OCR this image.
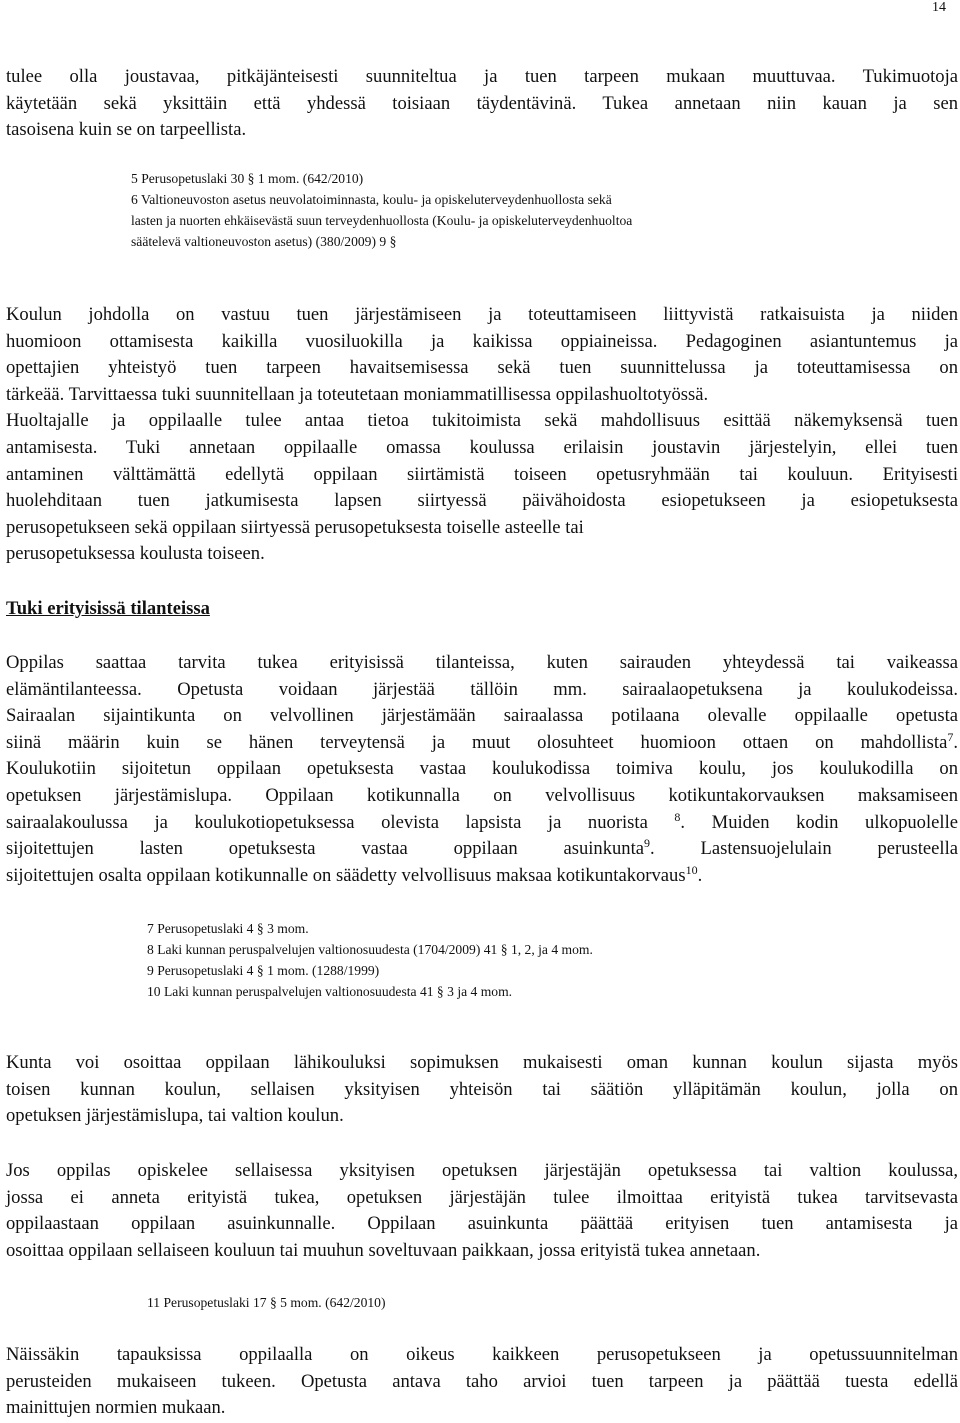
14
tulee olla joustavaa, pitkäjänteisesti suunniteltua ja tuen tarpeen mukaan muuttuvaa. Tukimuotoja
käytetään sekä yksittäin että yhdessä toisiaan täydentävinä. Tukea annetaan niin kauan ja sen
tasoisena kuin se on tarpeellista.
5 Perusopetuslaki 30 § 1 mom. (642/2010)
6 Valtioneuvoston asetus neuvolatoiminnasta, koulu- ja opiskeluterveydenhuollosta sekä
lasten ja nuorten ehkäisevästä suun terveydenhuollosta (Koulu- ja opiskeluterveydenhuoltoa
säätelevä valtioneuvoston asetus) (380/2009) 9 §
Koulun johdolla on vastuu tuen järjestämiseen ja toteuttamiseen liittyvistä ratkaisuista ja niiden
huomioon ottamisesta kaikilla vuosiluokilla ja kaikissa oppiaineissa. Pedagoginen asiantuntemus ja
opettajien yhteistyö tuen tarpeen havaitsemisessa sekä tuen suunnittelussa ja toteuttamisessa on
tärkeää. Tarvittaessa tuki suunnitellaan ja toteutetaan moniammatillisessa oppilashuoltotyössä.
Huoltajalle ja oppilaalle tulee antaa tietoa tukitoimista sekä mahdollisuus esittää näkemyksensä tuen
antamisesta. Tuki annetaan oppilaalle omassa koulussa erilaisin joustavin järjestelyin, ellei tuen
antaminen välttämättä edellytä oppilaan siirtämistä toiseen opetusryhmään tai kouluun. Erityisesti
huolehditaan tuen jatkumisesta lapsen siirtyessä päivähoidosta esiopetukseen ja esiopetuksesta
perusopetukseen sekä oppilaan siirtyessä perusopetuksesta toiselle asteelle tai
perusopetuksessa koulusta toiseen.
Tuki erityisissä tilanteissa
Oppilas saattaa tarvita tukea erityisissä tilanteissa, kuten sairauden yhteydessä tai vaikeassa
elämäntilanteessa. Opetusta voidaan järjestää tällöin mm. sairaalaopetuksena ja koulukodeissa.
Sairaalan sijaintikunta on velvollinen järjestämään sairaalassa potilaana olevalle oppilaalle opetusta
siinä määrin kuin se hänen terveytensä ja muut olosuhteet huomioon ottaen on mahdollista$^7$.
Koulukotiin sijoitetun oppilaan opetuksesta vastaa koulukodissa toimiva koulu, jos koulukodilla on
opetuksen järjestämislupa. Oppilaan kotikunnalla on velvollisuus kotikuntakorvauksen maksamiseen
sairaalakoulussa ja koulukotiopetuksessa olevista lapsista ja nuorista $^8$. Muiden kodin ulkopuolelle
sijoitettujen lasten opetuksesta vastaa oppilaan asuinkunta$^9$. Lastensuojelulain perusteella
sijoitettujen osalta oppilaan kotikunnalle on säädetty velvollisuus maksaa kotikuntakorvaus$^{10}$.
7 Perusopetuslaki 4 § 3 mom.
8 Laki kunnan peruspalvelujen valtionosuudesta (1704/2009) 41 § 1, 2, ja 4 mom.
9 Perusopetuslaki 4 § 1 mom. (1288/1999)
10 Laki kunnan peruspalvelujen valtionosuudesta 41 § 3 ja 4 mom.
Kunta voi osoittaa oppilaan lähikouluksi sopimuksen mukaisesti oman kunnan koulun sijasta myös
toisen kunnan koulun, sellaisen yksityisen yhteisön tai säätiön ylläpitämän koulun, jolla on
opetuksen järjestämislupa, tai valtion koulun.
Jos oppilas opiskelee sellaisessa yksityisen opetuksen järjestäjän opetuksessa tai valtion koulussa,
jossa ei anneta erityistä tukea, opetuksen järjestäjän tulee ilmoittaa erityistä tukea tarvitsevasta
oppilaastaan oppilaan asuinkunnalle. Oppilaan asuinkunta päättää erityisen tuen antamisesta ja
osoittaa oppilaan sellaiseen kouluun tai muuhun soveltuvaan paikkaan, jossa erityistä tukea annetaan.
11 Perusopetuslaki 17 § 5 mom. (642/2010)
Näissäkin tapauksissa oppilaalla on oikeus kaikkeen perusopetukseen ja opetussuunnitelman
perusteiden mukaiseen tukeen. Opetusta antava taho arvioi tuen tarpeen ja päättää tuesta edellä
mainittujen normien mukaan.
